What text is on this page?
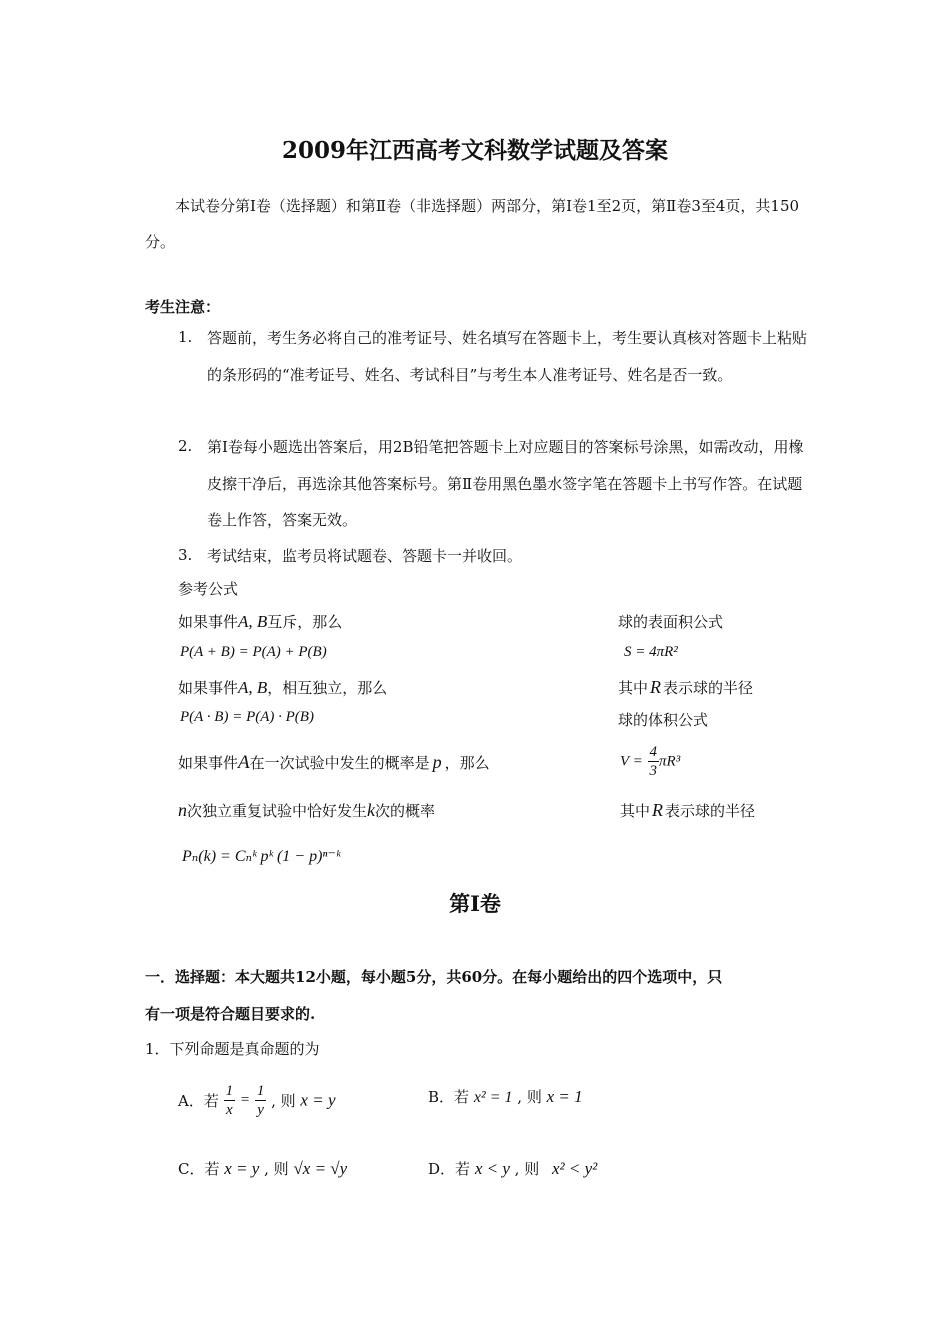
2009年江西高考文科数学试题及答案
本试卷分第Ⅰ卷（选择题）和第Ⅱ卷（非选择题）两部分，第Ⅰ卷1至2页，第Ⅱ卷3至4页，共150分。
考生注意：
1. 答题前，考生务必将自己的准考证号、姓名填写在答题卡上，考生要认真核对答题卡上粘贴的条形码的“准考证号、姓名、考试科目”与考生本人准考证号、姓名是否一致。
2. 第Ⅰ卷每小题选出答案后，用2B铅笔把答题卡上对应题目的答案标号涂黑，如需改动，用橡皮擦干净后，再选涂其他答案标号。第Ⅱ卷用黑色墨水签字笔在答题卡上书写作答。在试题卷上作答，答案无效。
3. 考试结束，监考员将试题卷、答题卡一并收回。
参考公式
如果事件A, B互斥，那么
P(A + B) = P(A) + P(B)
如果事件A, B，相互独立，那么
P(A · B) = P(A) · P(B)
如果事件A在一次试验中发生的概率是 p ，那么
n次独立重复试验中恰好发生k次的概率
Pₙ(k) = Cₙᵏ pᵏ (1 − p)ⁿ⁻ᵏ
球的表面积公式
S = 4πR²
其中 R 表示球的半径
球的体积公式
$V = \frac{4}{3} \pi R^3$
其中 R 表示球的半径
第Ⅰ卷
一．选择题：本大题共12小题，每小题5分，共60分。在每小题给出的四个选项中，只
有一项是符合题目要求的.
1．下列命题是真命题的为
A．若 $\frac{1}{x} = \frac{1}{y}$ , 则 x = y	B．若 x² = 1 , 则 x = 1
C．若 x = y , 则 √x = √y	D．若 x < y , 则 x² < y²
